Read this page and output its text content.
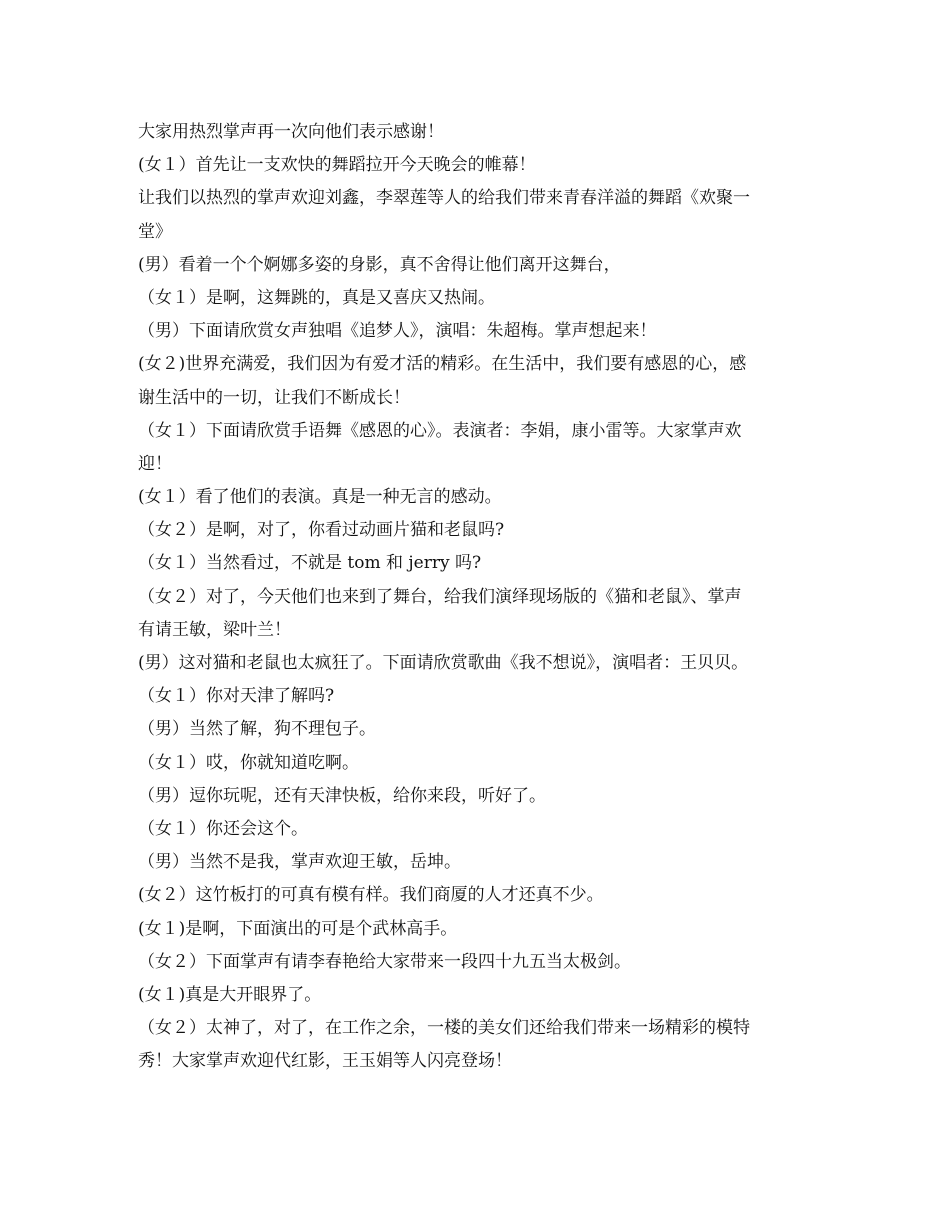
大家用热烈掌声再一次向他们表示感谢！
(女１）首先让一支欢快的舞蹈拉开今天晚会的帷幕！
让我们以热烈的掌声欢迎刘鑫，李翠莲等人的给我们带来青春洋溢的舞蹈《欢聚一
堂》
(男）看着一个个婀娜多姿的身影，真不舍得让他们离开这舞台，
（女１）是啊，这舞跳的，真是又喜庆又热闹。
（男）下面请欣赏女声独唱《追梦人》，演唱：朱超梅。掌声想起来！
(女２)世界充满爱，我们因为有爱才活的精彩。在生活中，我们要有感恩的心，感
谢生活中的一切，让我们不断成长！
（女１）下面请欣赏手语舞《感恩的心》。表演者：李娟，康小雷等。大家掌声欢
迎！
(女１）看了他们的表演。真是一种无言的感动。
（女２）是啊，对了，你看过动画片猫和老鼠吗?
（女１）当然看过，不就是 tom 和 jerry 吗?
（女２）对了，今天他们也来到了舞台，给我们演绎现场版的《猫和老鼠》、掌声
有请王敏，梁叶兰！
(男）这对猫和老鼠也太疯狂了。下面请欣赏歌曲《我不想说》，演唱者：王贝贝。
（女１）你对天津了解吗?
（男）当然了解，狗不理包子。
（女１）哎，你就知道吃啊。
（男）逗你玩呢，还有天津快板，给你来段，听好了。
（女１）你还会这个。
（男）当然不是我，掌声欢迎王敏，岳坤。
(女２）这竹板打的可真有模有样。我们商厦的人才还真不少。
(女１)是啊，下面演出的可是个武林高手。
（女２）下面掌声有请李春艳给大家带来一段四十九五当太极剑。
(女１)真是大开眼界了。
（女２）太神了，对了，在工作之余，一楼的美女们还给我们带来一场精彩的模特
秀！大家掌声欢迎代红影，王玉娟等人闪亮登场！
